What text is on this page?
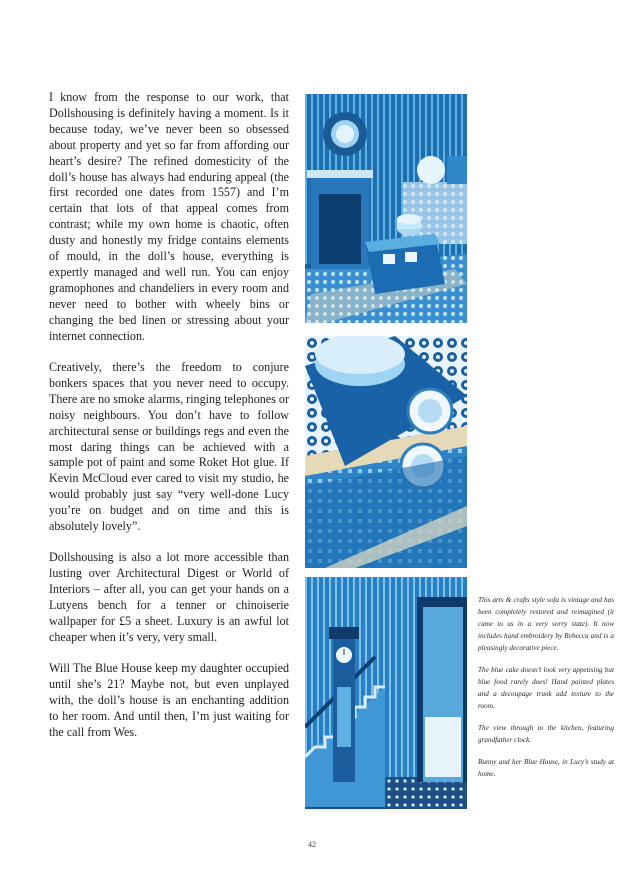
I know from the response to our work, that Dollshousing is definitely having a moment. Is it because today, we’ve never been so obsessed about property and yet so far from affording our heart’s desire? The refined domesticity of the doll’s house has always had enduring appeal (the first recorded one dates from 1557) and I’m certain that lots of that appeal comes from contrast; while my own home is chaotic, often dusty and honestly my fridge contains elements of mould, in the doll’s house, everything is expertly managed and well run. You can enjoy gramophones and chandeliers in every room and never need to bother with wheely bins or changing the bed linen or stressing about your internet connection.

Creatively, there’s the freedom to conjure bonkers spaces that you never need to occupy. There are no smoke alarms, ringing telephones or noisy neighbours. You don’t have to follow architectural sense or buildings regs and even the most daring things can be achieved with a sample pot of paint and some Roket Hot glue. If Kevin McCloud ever cared to visit my studio, he would probably just say “very well-done Lucy you’re on budget and on time and this is absolutely lovely”.

Dollshousing is also a lot more accessible than lusting over Architectural Digest or World of Interiors – after all, you can get your hands on a Lutyens bench for a tenner or chinoiserie wallpaper for £5 a sheet. Luxury is an awful lot cheaper when it’s very, very small.

Will The Blue House keep my daughter occupied until she’s 21? Maybe not, but even unplayed with, the doll’s house is an enchanting addition to her room. And until then, I’m just waiting for the call from Wes.

This arts & crafts style sofa is vintage and has been completely restored and reimagined (it came to us in a very sorry state). It now includes hand embroidery by Rebecca and is a pleasingly decorative piece.

The blue cake doesn’t look very appetising but blue food rarely does! Hand painted plates and a decoupage trunk add texture to the room.

The view through to the kitchen, featuring grandfather clock.

Bunny and her Blue House, in Lucy’s study at home.

42
